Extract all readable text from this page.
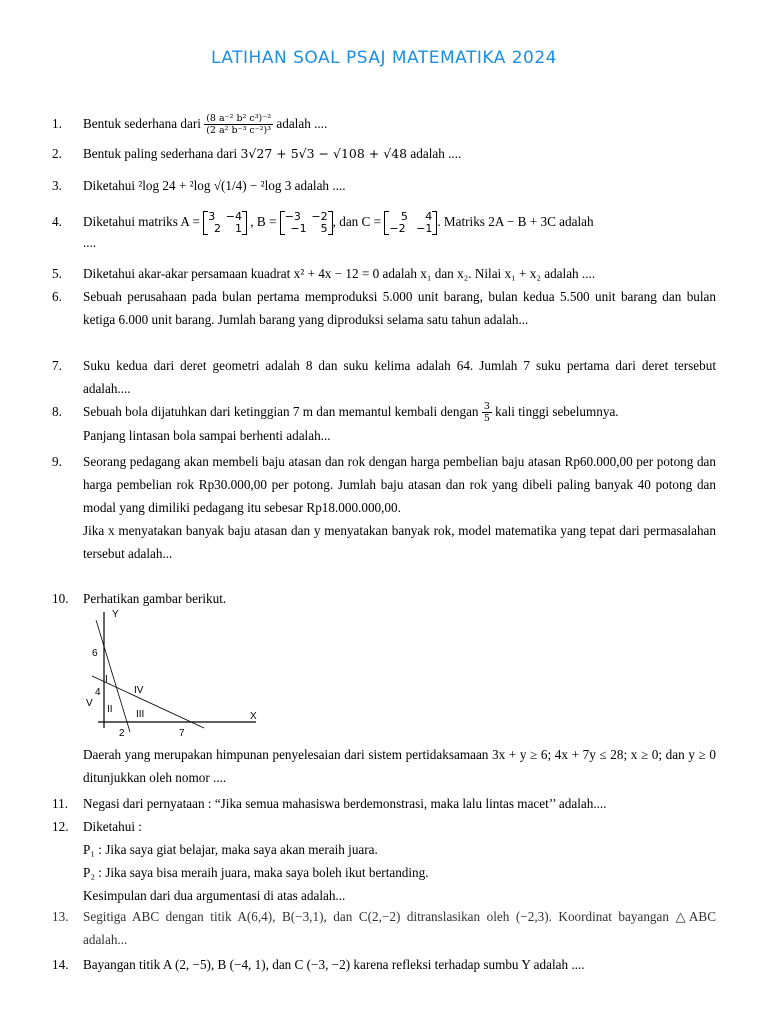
LATIHAN SOAL PSAJ MATEMATIKA 2024
1.	Bentuk sederhana dari $\frac{\text{(8 a⁻² b² c³)⁻²}}{\text{(2 a² b⁻³ c⁻²)³}}$ adalah ....
2.	Bentuk paling sederhana dari 3√27 + 5√3 − √108 + √48 adalah ....
3.	Diketahui ²log 24 + ²log √(1/4) − ²log 3 adalah ....
4.	Diketahui matriks A = 3   −4
2    1 , B = −3   −2
−1    5 , dan C =	5     4
−2   −1 . Matriks 2A − B + 3C adalah
....
5.	Diketahui akar-akar persamaan kuadrat x² + 4x − 12 = 0 adalah x₁ dan x₂. Nilai x₁ + x₂ adalah ....
6.	Sebuah perusahaan pada bulan pertama memproduksi 5.000 unit barang, bulan kedua 5.500 unit barang dan bulan ketiga 6.000 unit barang. Jumlah barang yang diproduksi selama satu tahun adalah...
7.	Suku kedua dari deret geometri adalah 8 dan suku kelima adalah 64. Jumlah 7 suku pertama dari deret tersebut adalah....
8.	Sebuah bola dijatuhkan dari ketinggian 7 m dan memantul kembali dengan $\frac{3}{5}$ kali tinggi sebelumnya.
Panjang lintasan bola sampai berhenti adalah...
9.	Seorang pedagang akan membeli baju atasan dan rok dengan harga pembelian baju atasan Rp60.000,00 per potong dan harga pembelian rok Rp30.000,00 per potong. Jumlah baju atasan dan rok yang dibeli paling banyak 40 potong dan modal yang dimiliki pedagang itu sebesar Rp18.000.000,00.
Jika x menyatakan banyak baju atasan dan y menyatakan banyak rok, model matematika yang tepat dari permasalahan tersebut adalah...
10.	Perhatikan gambar berikut.
Y
X
6
4
2	7
I
II III
IV
V
Daerah yang merupakan himpunan penyelesaian dari sistem pertidaksamaan 3x + y ≥ 6; 4x + 7y ≤ 28; x ≥ 0; dan y ≥ 0 ditunjukkan oleh nomor ....
11.	Negasi dari pernyataan : “Jika semua mahasiswa berdemonstrasi, maka lalu lintas macet’’ adalah....
12.	Diketahui :
P₁ : Jika saya giat belajar, maka saya akan meraih juara.
P₂ : Jika saya bisa meraih juara, maka saya boleh ikut bertanding.
Kesimpulan dari dua argumentasi di atas adalah...
13.	Segitiga ABC dengan titik A(6,4), B(−3,1), dan C(2,−2) ditranslasikan oleh (−2,3). Koordinat bayangan △ABC adalah...
14.	Bayangan titik A (2, −5), B (−4, 1), dan C (−3, −2) karena refleksi terhadap sumbu Y adalah ....
